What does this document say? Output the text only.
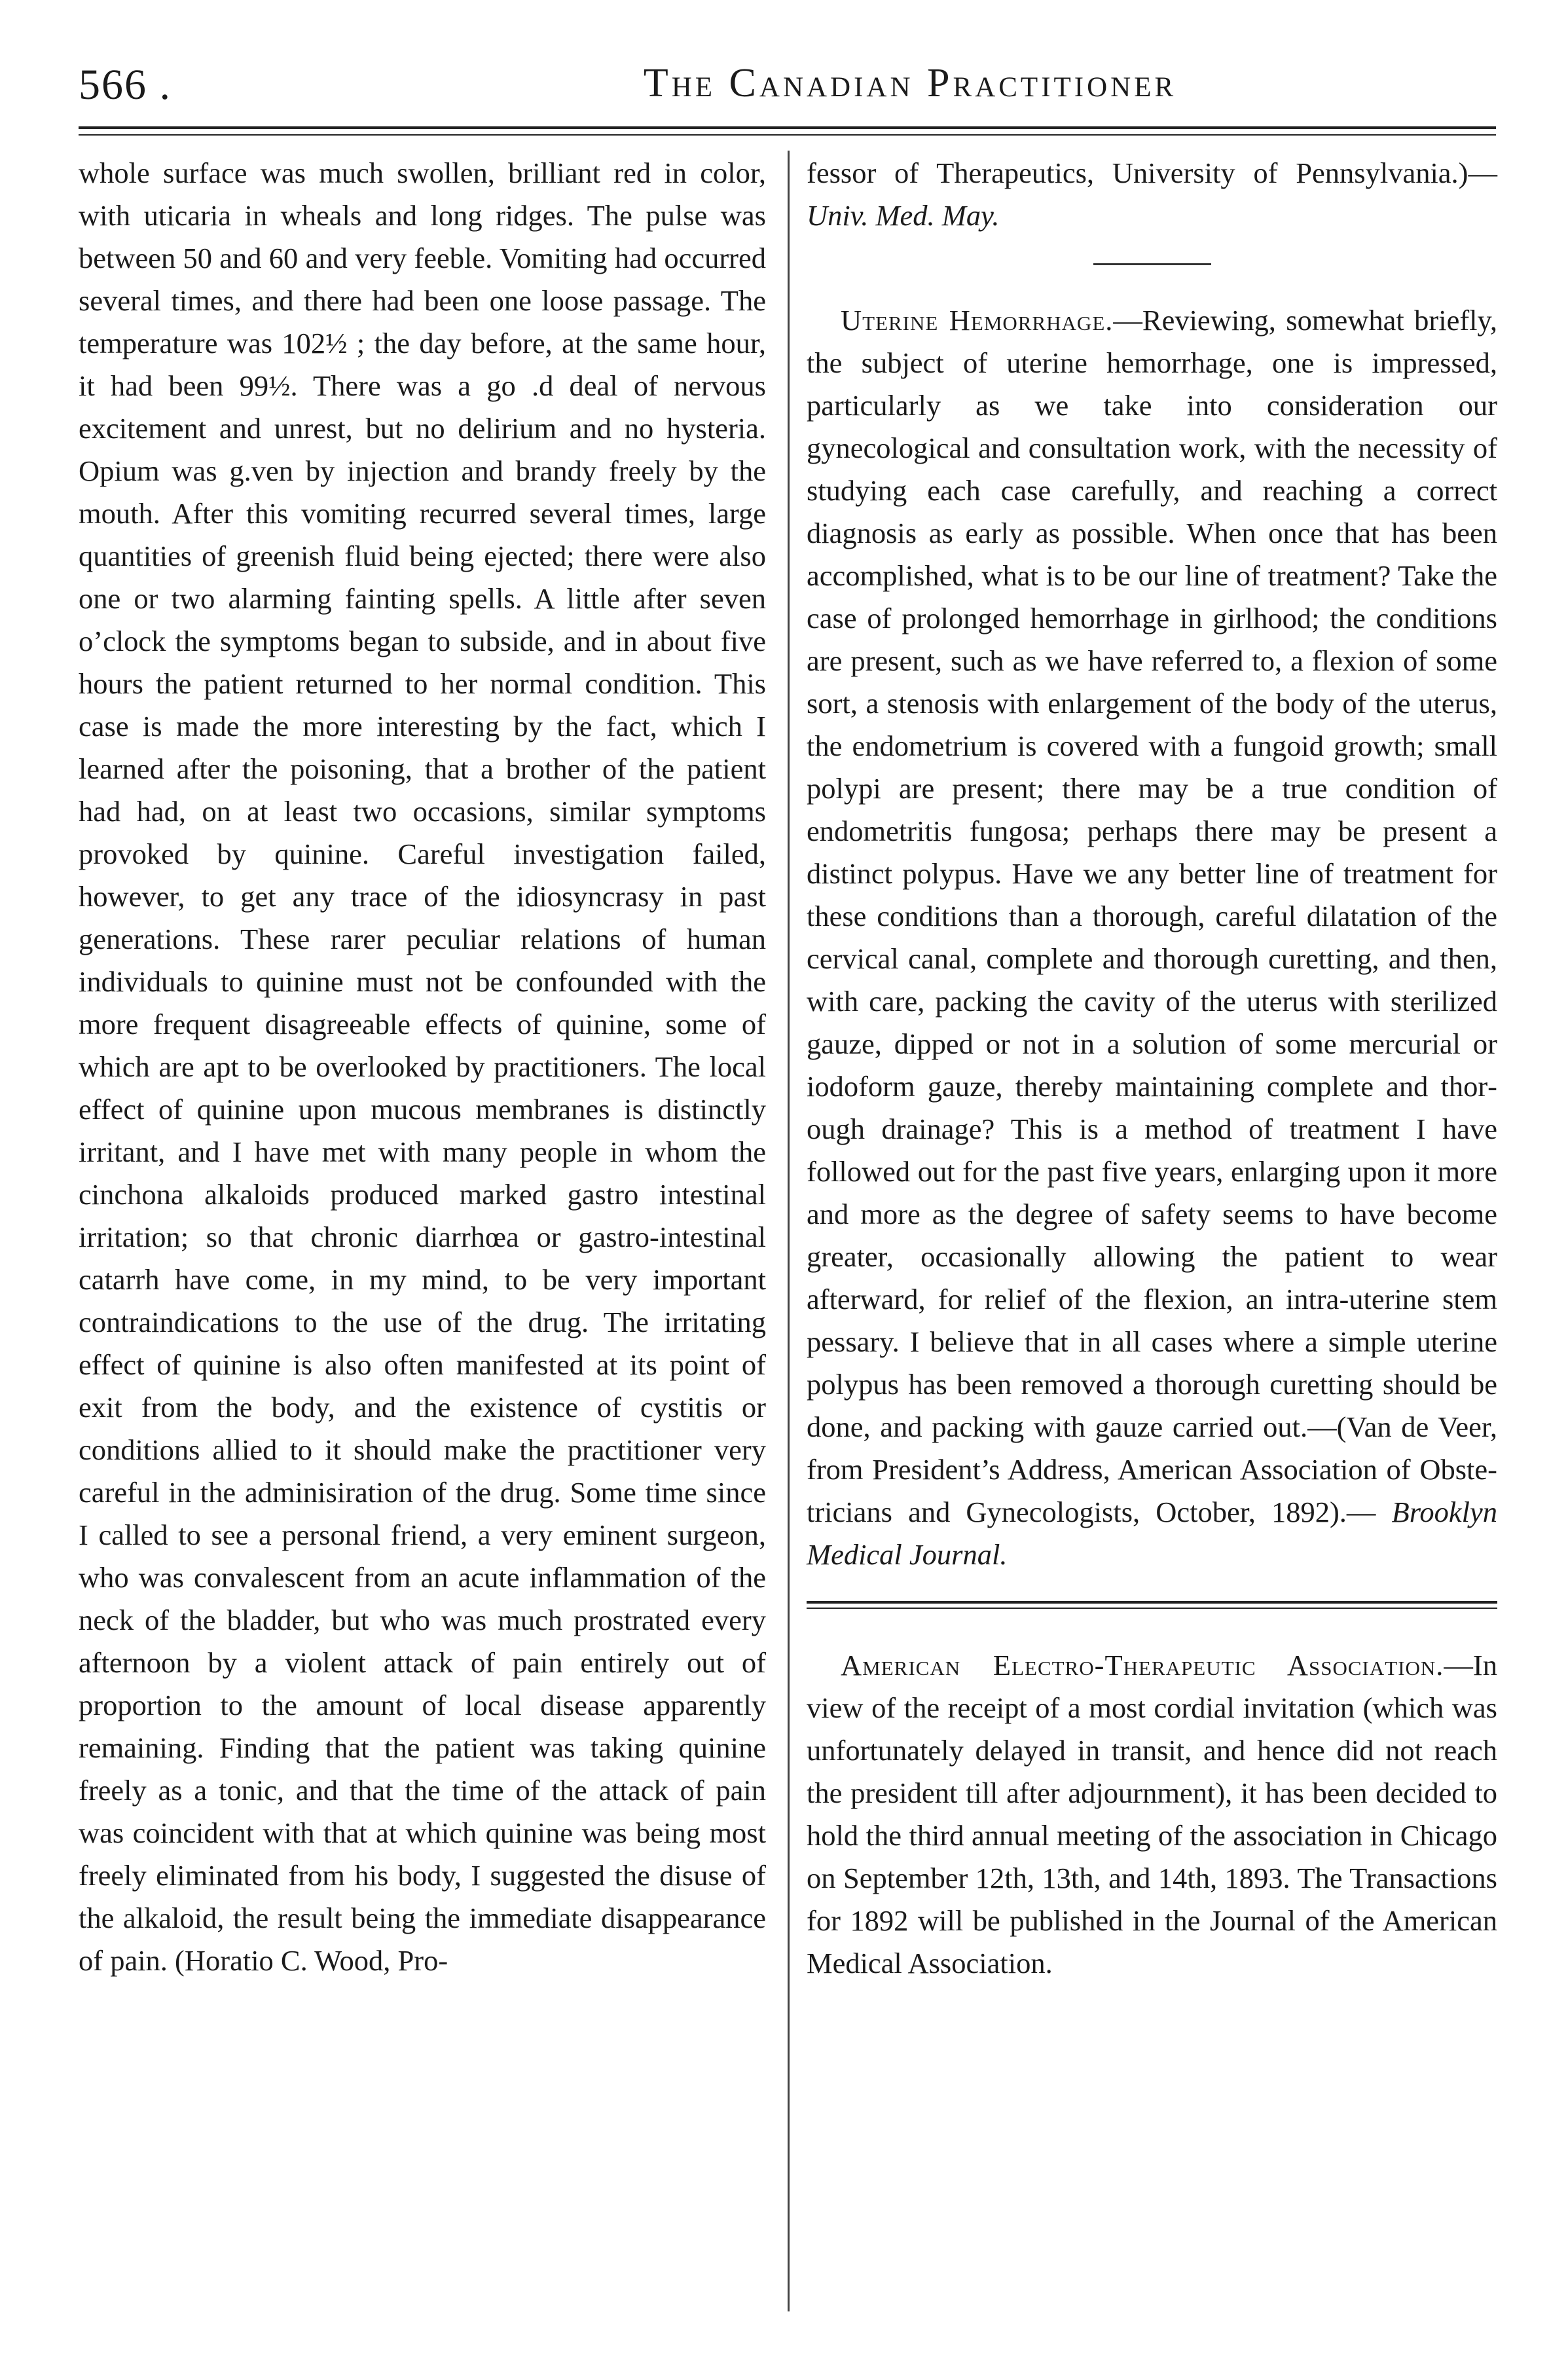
566 .	The Canadian Practitioner

whole surface was much swollen, brilliant red in color, with uticaria in wheals and long ridges. The pulse was between 50 and 60 and very feeble. Vomiting had occurred several times, and there had been one loose passage. The temperature was 102½ ; the day before, at the same hour, it had been 99½. There was a go .d deal of nervous excitement and unrest, but no delirium and no hysteria. Opium was g.ven by injection and brandy freely by the mouth. After this vomiting recurred several times, large quantities of greenish fluid being ejected; there were also one or two alarming fainting spells. A little after seven o’clock the symptoms began to subside, and in about five hours the patient returned to her normal condition. This case is made the more interesting by the fact, which I learned after the poisoning, that a brother of the patient had had, on at least two occasions, similar symptoms provoked by quinine. Careful investigation failed, however, to get any trace of the idiosyncrasy in past generations. These rarer peculiar relations of human individuals to quinine must not be confounded with the more frequent disagreeable effects of quinine, some of which are apt to be overlooked by practitioners. The local effect of quinine upon mucous membranes is distinctly irritant, and I have met with many people in whom the cinchona alkaloids produced marked gastro intestinal irritation; so that chronic diarrhœa or gastro-intestinal catarrh have come, in my mind, to be very important contraindications to the use of the drug. The irritating effect of quinine is also often manifested at its point of exit from the body, and the existence of cystitis or conditions allied to it should make the practitioner very careful in the adminisiration of the drug. Some time since I called to see a personal friend, a very eminent surgeon, who was convalescent from an acute inflammation of the neck of the bladder, but who was much prostrated every afternoon by a violent attack of pain entirely out of proportion to the amount of local disease apparently remaining. Finding that the patient was taking quinine freely as a tonic, and that the time of the attack of pain was coincident with that at which quinine was being most freely eliminated from his body, I suggested the disuse of the alkaloid, the result being the immediate disappearance of pain. (Horatio C. Wood, Pro-

fessor of Therapeutics, University of Pennsylvania.)—Univ. Med. May.

Uterine Hemorrhage.—Reviewing, somewhat briefly, the subject of uterine hemorrhage, one is impressed, particularly as we take into consideration our gynecological and consultation work, with the necessity of studying each case carefully, and reaching a correct diagnosis as early as possible. When once that has been accomplished, what is to be our line of treatment? Take the case of prolonged hemorrhage in girlhood; the conditions are present, such as we have referred to, a flexion of some sort, a stenosis with enlargement of the body of the uterus, the endometrium is covered with a fungoid growth; small polypi are present; there may be a true condition of endometritis fungosa; perhaps there may be present a distinct polypus. Have we any better line of treatment for these conditions than a thorough, careful dilatation of the cervical canal, complete and thorough curetting, and then, with care, packing the cavity of the uterus with sterilized gauze, dipped or not in a solution of some mercurial or iodoform gauze, thereby maintaining complete and thorough drainage? This is a method of treatment I have followed out for the past five years, enlarging upon it more and more as the degree of safety seems to have become greater, occasionally allowing the patient to wear afterward, for relief of the flexion, an intra-uterine stem pessary. I believe that in all cases where a simple uterine polypus has been removed a thorough curetting should be done, and packing with gauze carried out.—(Van de Veer, from President’s Address, American Association of Obstetricians and Gynecologists, October, 1892).— Brooklyn Medical Journal.

American Electro-Therapeutic Association.—In view of the receipt of a most cordial invitation (which was unfortunately delayed in transit, and hence did not reach the president till after adjournment), it has been decided to hold the third annual meeting of the association in Chicago on September 12th, 13th, and 14th, 1893. The Transactions for 1892 will be published in the Journal of the American Medical Association.
